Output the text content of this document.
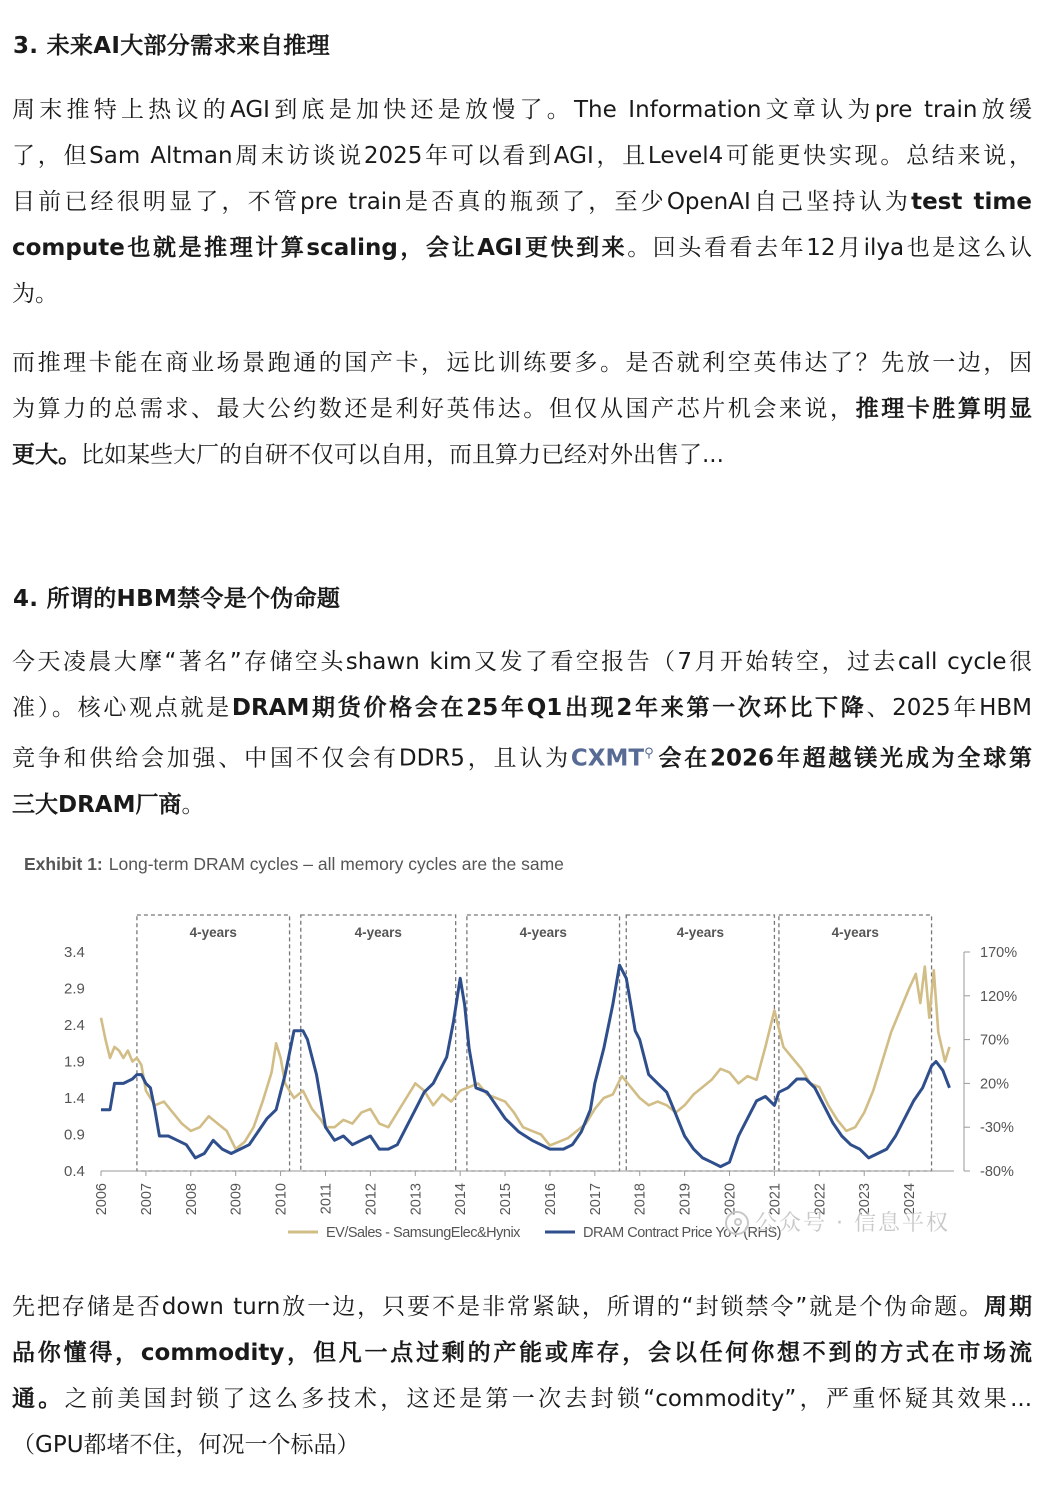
3. 未来AI大部分需求来自推理
周末推特上热议的AGI到底是加快还是放慢了。The Information文章认为pre train放缓
了，但Sam Altman周末访谈说2025年可以看到AGI，且Level4可能更快实现。总结来说，
目前已经很明显了，不管pre train是否真的瓶颈了，至少OpenAI自己坚持认为test time
compute也就是推理计算scaling，会让AGI更快到来。回头看看去年12月ilya也是这么认
为。
而推理卡能在商业场景跑通的国产卡，远比训练要多。是否就利空英伟达了？先放一边，因
为算力的总需求、最大公约数还是利好英伟达。但仅从国产芯片机会来说，推理卡胜算明显
更大。比如某些大厂的自研不仅可以自用，而且算力已经对外出售了...
4. 所谓的HBM禁令是个伪命题
今天凌晨大摩“著名”存储空头shawn kim又发了看空报告（7月开始转空，过去call cycle很
准）。核心观点就是DRAM期货价格会在25年Q1出现2年来第一次环比下降、2025年HBM
竞争和供给会加强、中国不仅会有DDR5，且认为CXMT⚲会在2026年超越镁光成为全球第
三大DRAM厂商。
Exhibit 1: Long-term DRAM cycles – all memory cycles are the same
4-years	4-years	4-years	4-years	4-years
3.4
2.9
2.4
1.9
1.4
0.9
0.4
170%
120%
70%
20%
-30%
-80%
2006 2007 2008 2009 2010 2011 2012 2013 2014 2015 2016 2017 2018 2019 2020 2021 2022 2023 2024
EV/Sales - SamsungElec&Hynix	DRAM Contract Price YoY (RHS)
公众号 · 信息平权
先把存储是否down turn放一边，只要不是非常紧缺，所谓的“封锁禁令”就是个伪命题。周期
品你懂得，commodity，但凡一点过剩的产能或库存，会以任何你想不到的方式在市场流
通。之前美国封锁了这么多技术，这还是第一次去封锁“commodity”，严重怀疑其效果...
（GPU都堵不住，何况一个标品）
